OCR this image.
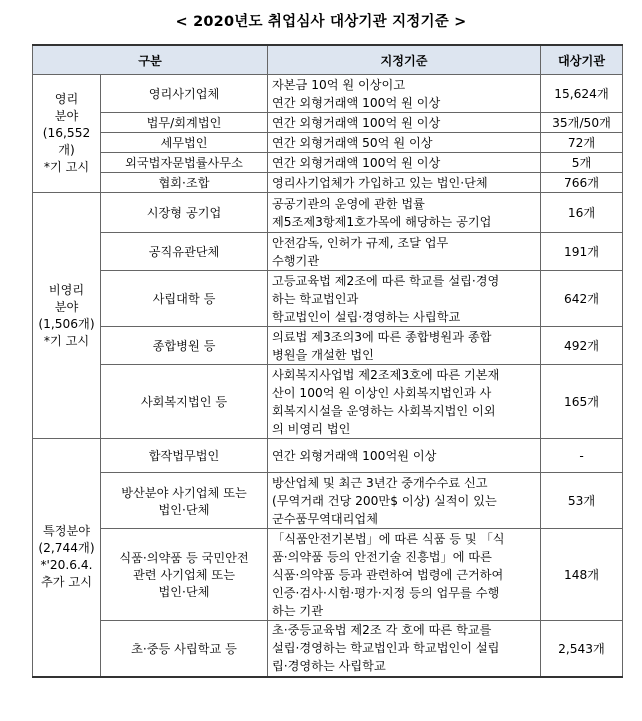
< 2020년도 취업심사 대상기관 지정기준 >
구분		지정기준	대상기관

영리
분야
(16,552개)
*기 고시	영리사기업체	자본금 10억 원 이상이고
연간 외형거래액 100억 원 이상	15,624개

	법무/회계법인	연간 외형거래액 100억 원 이상	35개/50개

	세무법인	연간 외형거래액 50억 원 이상	72개

	외국법자문법률사무소	연간 외형거래액 100억 원 이상	5개

	협회·조합	영리사기업체가 가입하고 있는 법인·단체	766개

비영리
분야
(1,506개)
*기 고시	시장형 공기업	공공기관의 운영에 관한 법률
제5조제3항제1호가목에 해당하는 공기업	16개

	공직유관단체	안전감독, 인허가 규제, 조달 업무
수행기관	191개

	사립대학 등	고등교육법 제2조에 따른 학교를 설립·경영
하는 학교법인과
학교법인이 설립·경영하는 사립학교	642개

	종합병원 등	의료법 제3조의3에 따른 종합병원과 종합
병원을 개설한 법인	492개

	사회복지법인 등	사회복지사업법 제2조제3호에 따른 기본재
산이 100억 원 이상인 사회복지법인과 사
회복지시설을 운영하는 사회복지법인 이외
의 비영리 법인	165개

특정분야
(2,744개)
*'20.6.4.
추가 고시	합작법무법인	연간 외형거래액 100억원 이상	-

	방산분야 사기업체 또는
법인·단체	방산업체 및 최근 3년간 중개수수료 신고
(무역거래 건당 200만$ 이상) 실적이 있는
군수품무역대리업체	53개

	식품·의약품 등 국민안전
관련 사기업체 또는
법인·단체	「식품안전기본법」에 따른 식품 등 및 「식
품·의약품 등의 안전기술 진흥법」에 따른
식품·의약품 등과 관련하여 법령에 근거하여
인증·검사·시험·평가·지정 등의 업무를 수행
하는 기관	148개

	초·중등 사립학교 등	초·중등교육법 제2조 각 호에 따른 학교를
설립·경영하는 학교법인과 학교법인이 설립
립·경영하는 사립학교	2,543개
